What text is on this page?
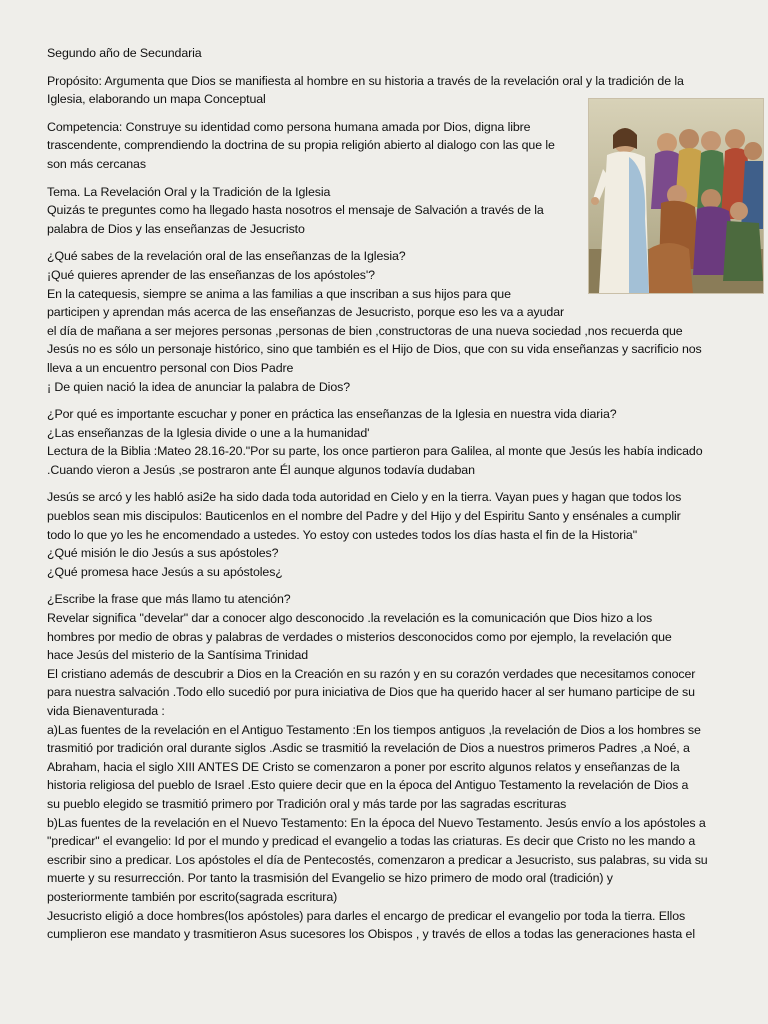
Segundo año de Secundaria
Propósito: Argumenta que Dios se manifiesta al hombre en su historia a través de la revelación oral y la tradición de la
Iglesia, elaborando un mapa Conceptual
Competencia: Construye su identidad como persona humana amada por Dios, digna libre
trascendente, comprendiendo la doctrina de su propia religión abierto al dialogo con las que le
son más cercanas
Tema. La Revelación Oral y la Tradición de la Iglesia
Quizás te preguntes como ha llegado hasta nosotros el mensaje de Salvación a través de la
palabra de Dios y las enseñanzas de Jesucristo
¿Qué sabes de la revelación oral de las enseñanzas de la Iglesia?
¡Qué quieres aprender de las enseñanzas de los apóstoles'?
En la catequesis, siempre se anima a las familias a que inscriban a sus hijos para que
participen y aprendan más acerca de las enseñanzas de Jesucristo, porque eso les va a ayudar
el día de mañana a ser mejores personas ,personas de bien ,constructoras de una nueva sociedad ,nos recuerda que
Jesús no es sólo un personaje histórico, sino que también es el Hijo de Dios, que con su vida enseñanzas y sacrificio nos
lleva a un encuentro personal con Dios Padre
¡ De quien nació la idea de anunciar la palabra de Dios?
¿Por qué es importante escuchar y poner en práctica las enseñanzas de la Iglesia en nuestra vida diaria?
¿Las enseñanzas de la Iglesia divide o une a la humanidad'
Lectura de la Biblia :Mateo 28.16-20."Por su parte, los once partieron para Galilea, al monte que Jesús les había indicado
.Cuando vieron a Jesús ,se postraron ante Él aunque algunos todavía dudaban
Jesús se arcó y les habló asi2e ha sido dada toda autoridad en Cielo y en la tierra. Vayan pues y hagan que todos los
pueblos sean mis discipulos: Bauticenlos en el nombre del Padre y del Hijo y del Espiritu Santo y ensénales a cumplir
todo lo que yo les he encomendado a ustedes. Yo estoy con ustedes todos los días hasta el fin de la Historia"
¿Qué misión le dio Jesús a sus apóstoles?
¿Qué promesa hace Jesús a su apóstoles¿
¿Escribe la frase que más llamo tu atención?
Revelar significa "develar" dar a conocer algo desconocido .la revelación es la comunicación que Dios hizo a los
hombres por medio de obras y palabras de verdades o misterios desconocidos como por ejemplo, la revelación que
hace Jesús del misterio de la Santísima Trinidad
El cristiano además de descubrir a Dios en la Creación en su razón y en su corazón verdades que necesitamos conocer
para nuestra salvación .Todo ello sucedió por pura iniciativa de Dios que ha querido hacer al ser humano participe de su
vida Bienaventurada :
a)Las fuentes de la revelación en el Antiguo Testamento :En los tiempos antiguos ,la revelación de Dios a los hombres se
trasmitió por tradición oral durante siglos .Asdic se trasmitió la revelación de Dios a nuestros primeros Padres ,a Noé, a
Abraham, hacia el siglo XIII ANTES DE Cristo se comenzaron a poner por escrito algunos relatos y enseñanzas de la
historia religiosa del pueblo de Israel .Esto quiere decir que en la época del Antiguo Testamento la revelación de Dios a
su pueblo elegido se trasmitió primero por Tradición oral y más tarde por las sagradas escrituras
b)Las fuentes de la revelación en el Nuevo Testamento: En la época del Nuevo Testamento. Jesús envío a los apóstoles a
"predicar" el evangelio: Id por el mundo y predicad el evangelio a todas las criaturas. Es decir que Cristo no les mando a
escribir sino a predicar. Los apóstoles el día de Pentecostés, comenzaron a predicar a Jesucristo, sus palabras, su vida su
muerte y su resurrección. Por tanto la trasmisión del Evangelio se hizo primero de modo oral (tradición) y
posteriormente también por escrito(sagrada escritura)
Jesucristo eligió a doce hombres(los apóstoles) para darles el encargo de predicar el evangelio por toda la tierra. Ellos
cumplieron ese mandato y trasmitieron Asus sucesores los Obispos , y través de ellos a todas las generaciones hasta el
